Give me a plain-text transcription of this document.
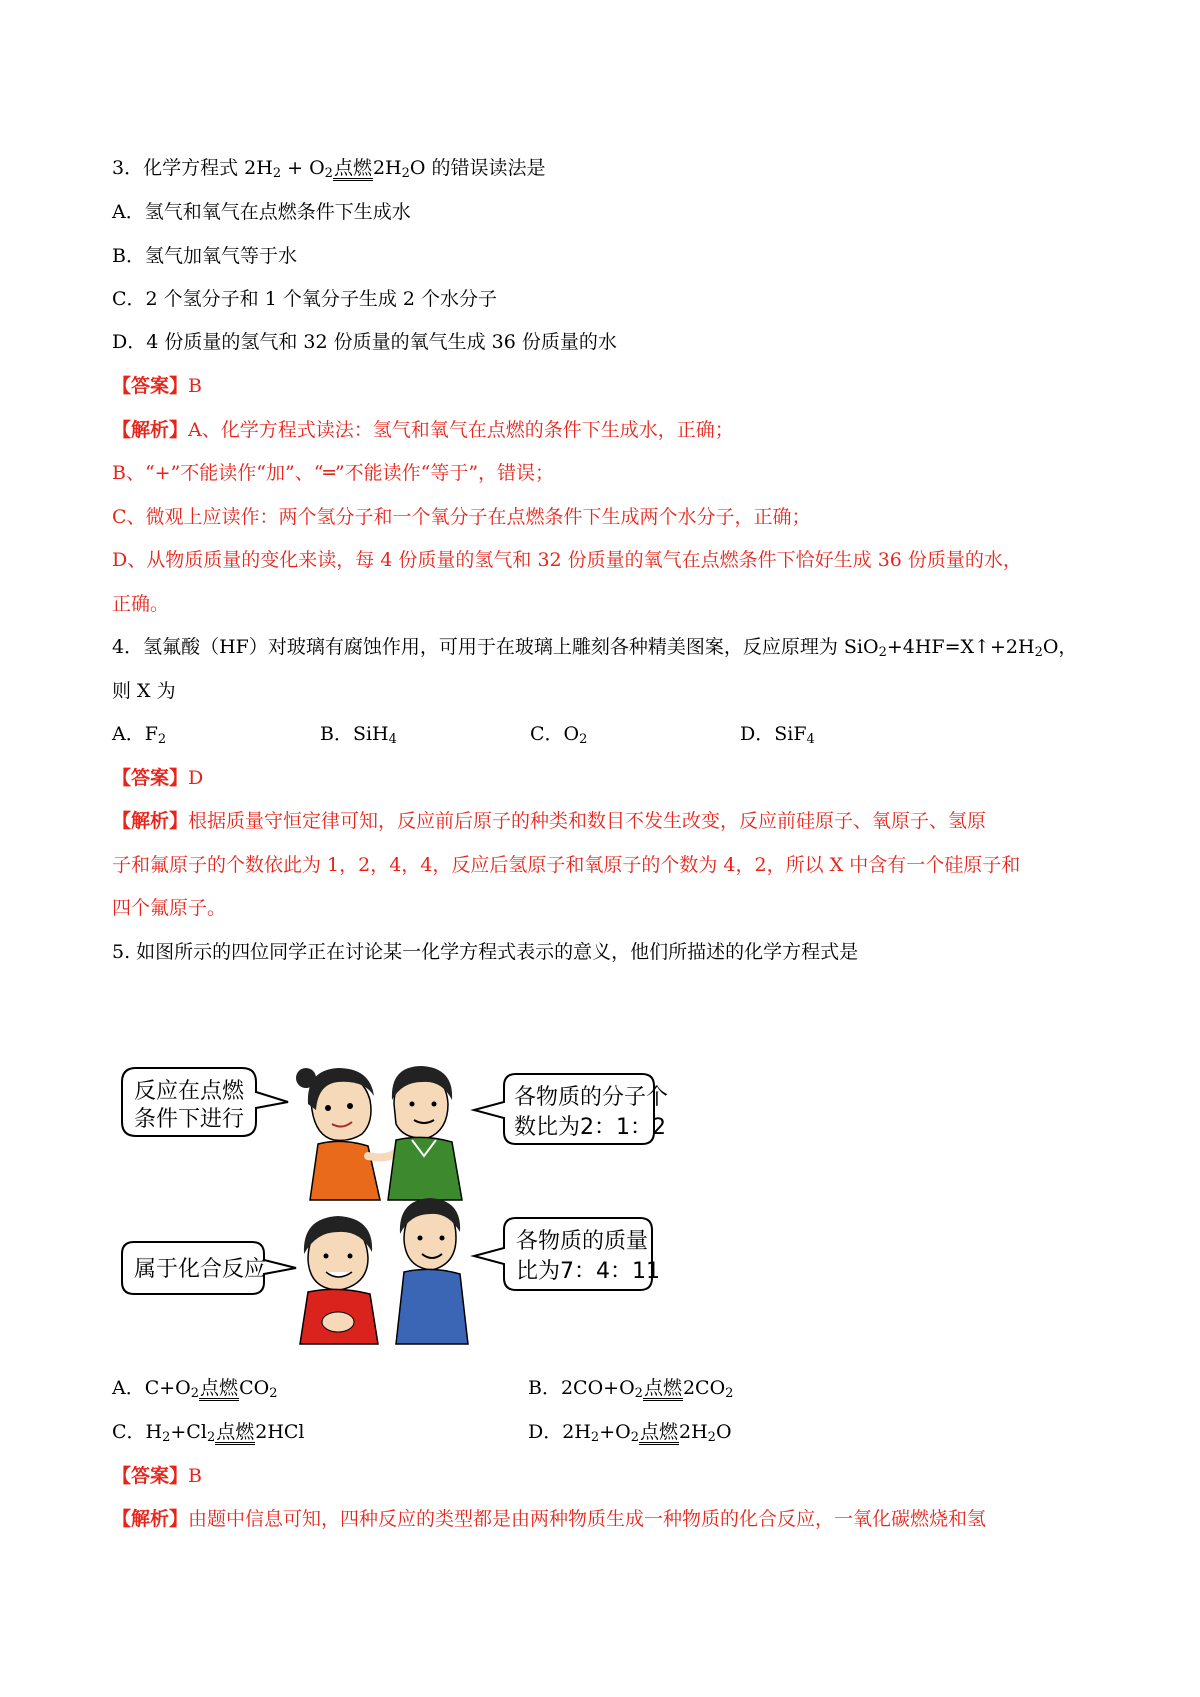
3．化学方程式 $2H_2 + O_2$点燃$2H_2O$ 的错误读法是
A．氢气和氧气在点燃条件下生成水
B．氢气加氧气等于水
C．2 个氢分子和 1 个氧分子生成 2 个水分子
D．4 份质量的氢气和 32 份质量的氧气生成 36 份质量的水
【答案】B
【解析】A、化学方程式读法：氢气和氧气在点燃的条件下生成水，正确；
B、“+”不能读作“加”、“═”不能读作“等于”，错误；
C、微观上应读作：两个氢分子和一个氧分子在点燃条件下生成两个水分子，正确；
D、从物质质量的变化来读，每 4 份质量的氢气和 32 份质量的氧气在点燃条件下恰好生成 36 份质量的水，
正确。
4．氢氟酸（HF）对玻璃有腐蚀作用，可用于在玻璃上雕刻各种精美图案，反应原理为 $SiO_2+4HF=X↑+2H_2O$，
则 X 为
A．$F_2$	B．SiH$_4$	C．$O_2$	D．SiF$_4$
【答案】D
【解析】根据质量守恒定律可知，反应前后原子的种类和数目不发生改变，反应前硅原子、氧原子、氢原
子和氟原子的个数依此为 1，2，4，4，反应后氢原子和氧原子的个数为 4，2，所以 X 中含有一个硅原子和
四个氟原子。
5. 如图所示的四位同学正在讨论某一化学方程式表示的意义，他们所描述的化学方程式是
反应在点燃
条件下进行
各物质的分子个
数比为2：1：2
属于化合反应
各物质的质量
比为7：4：11
A．$C+O_2$点燃$CO_2$	B．$2CO+O_2$点燃$2CO_2$
C．$H_2+Cl_2$点燃2HCl	D．$2H_2+O_2$点燃$2H_2O$
【答案】B
【解析】由题中信息可知，四种反应的类型都是由两种物质生成一种物质的化合反应，一氧化碳燃烧和氢
